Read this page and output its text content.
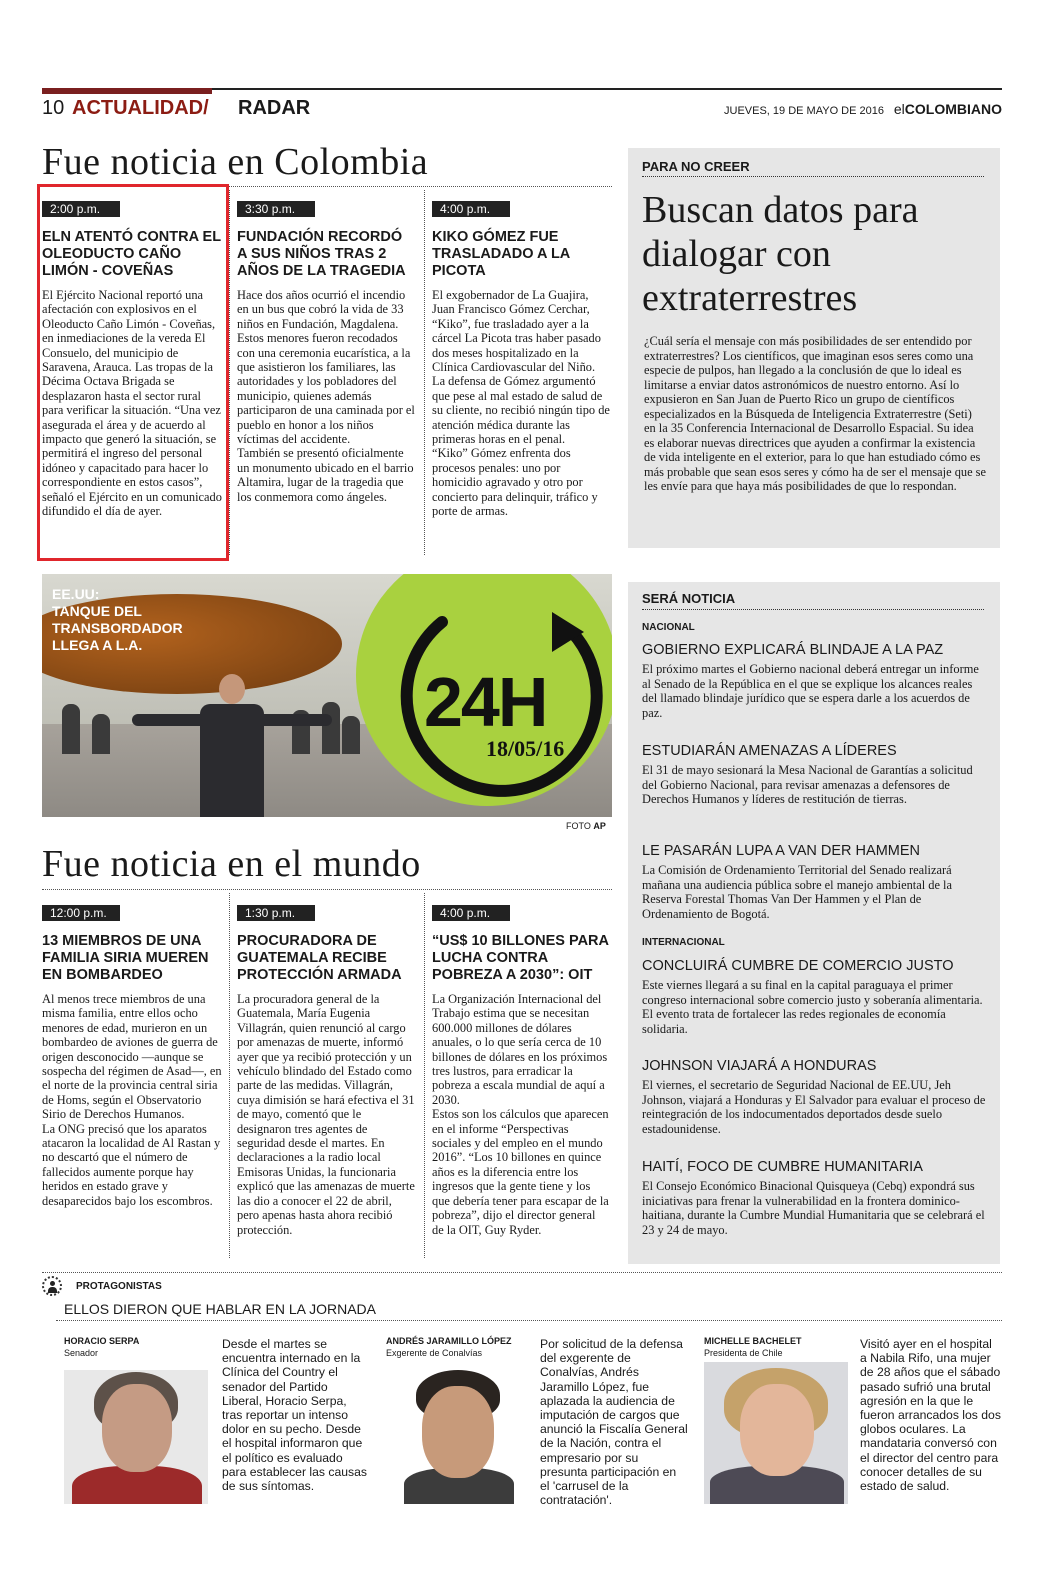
10 ACTUALIDAD/ RADAR	JUEVES, 19 DE MAYO DE 2016 elCOLOMBIANO
Fue noticia en Colombia
2:00 p.m.
ELN ATENTÓ CONTRA EL OLEODUCTO CAÑO LIMÓN - COVEÑAS
El Ejército Nacional reportó una afectación con explosivos en el Oleoducto Caño Limón - Coveñas, en inmediaciones de la vereda El Consuelo, del municipio de Saravena, Arauca. Las tropas de la Décima Octava Brigada se desplazaron hasta el sector rural para verificar la situación. “Una vez asegurada el área y de acuerdo al impacto que generó la situación, se permitirá el ingreso del personal idóneo y capacitado para hacer lo correspondiente en estos casos”, señaló el Ejército en un comunicado difundido el día de ayer.
3:30 p.m.
FUNDACIÓN RECORDÓ A SUS NIÑOS TRAS 2 AÑOS DE LA TRAGEDIA
Hace dos años ocurrió el incendio en un bus que cobró la vida de 33 niños en Fundación, Magdalena. Estos menores fueron recodados con una ceremonia eucarística, a la que asistieron los familiares, las autoridades y los pobladores del municipio, quienes además participaron de una caminada por el pueblo en honor a los niños víctimas del accidente.
También se presentó oficialmente un monumento ubicado en el barrio Altamira, lugar de la tragedia que los conmemora como ángeles.
4:00 p.m.
KIKO GÓMEZ FUE TRASLADADO A LA PICOTA
El exgobernador de La Guajira, Juan Francisco Gómez Cerchar, “Kiko”, fue trasladado ayer a la cárcel La Picota tras haber pasado dos meses hospitalizado en la Clínica Cardiovascular del Niño.
La defensa de Gómez argumentó que pese al mal estado de salud de su cliente, no recibió ningún tipo de atención médica durante las primeras horas en el penal.
“Kiko” Gómez enfrenta dos procesos penales: uno por homicidio agravado y otro por concierto para delinquir, tráfico y porte de armas.
PARA NO CREER
Buscan datos para dialogar con extraterrestres
¿Cuál sería el mensaje con más posibilidades de ser entendido por extraterrestres? Los científicos, que imaginan esos seres como una especie de pulpos, han llegado a la conclusión de que lo ideal es limitarse a enviar datos astronómicos de nuestro entorno. Así lo expusieron en San Juan de Puerto Rico un grupo de científicos especializados en la Búsqueda de Inteligencia Extraterrestre (Seti) en la 35 Conferencia Internacional de Desarrollo Espacial. Su idea es elaborar nuevas directrices que ayuden a confirmar la existencia de vida inteligente en el exterior, para lo que han estudiado cómo es más probable que sean esos seres y cómo ha de ser el mensaje que se les envíe para que haya más posibilidades de que lo respondan.
EE.UU:
TANQUE DEL
TRANSBORDADOR
LLEGA A L.A.
24H
18/05/16
FOTO AP
SERÁ NOTICIA
NACIONAL
GOBIERNO EXPLICARÁ BLINDAJE A LA PAZ
El próximo martes el Gobierno nacional deberá entregar un informe al Senado de la República en el que se explique los alcances reales del llamado blindaje jurídico que se espera darle a los acuerdos de paz.
ESTUDIARÁN AMENAZAS A LÍDERES
El 31 de mayo sesionará la Mesa Nacional de Garantías a solicitud del Gobierno Nacional, para revisar amenazas a defensores de Derechos Humanos y líderes de restitución de tierras.
LE PASARÁN LUPA A VAN DER HAMMEN
La Comisión de Ordenamiento Territorial del Senado realizará mañana una audiencia pública sobre el manejo ambiental de la Reserva Forestal Thomas Van Der Hammen y el Plan de Ordenamiento de Bogotá.
INTERNACIONAL
CONCLUIRÁ CUMBRE DE COMERCIO JUSTO
Este viernes llegará a su final en la capital paraguaya el primer congreso internacional sobre comercio justo y soberanía alimentaria. El evento trata de fortalecer las redes regionales de economía solidaria.
JOHNSON VIAJARÁ A HONDURAS
El viernes, el secretario de Seguridad Nacional de EE.UU, Jeh Johnson, viajará a Honduras y El Salvador para evaluar el proceso de reintegración de los indocumentados deportados desde suelo estadounidense.
HAITÍ, FOCO DE CUMBRE HUMANITARIA
El Consejo Económico Binacional Quisqueya (Cebq) expondrá sus iniciativas para frenar la vulnerabilidad en la frontera dominico-haitiana, durante la Cumbre Mundial Humanitaria que se celebrará el 23 y 24 de mayo.
Fue noticia en el mundo
12:00 p.m.
13 MIEMBROS DE UNA FAMILIA SIRIA MUEREN EN BOMBARDEO
Al menos trece miembros de una misma familia, entre ellos ocho menores de edad, murieron en un bombardeo de aviones de guerra de origen desconocido —aunque se sospecha del régimen de Asad—, en el norte de la provincia central siria de Homs, según el Observatorio Sirio de Derechos Humanos.
La ONG precisó que los aparatos atacaron la localidad de Al Rastan y no descartó que el número de fallecidos aumente porque hay heridos en estado grave y desaparecidos bajo los escombros.
1:30 p.m.
PROCURADORA DE GUATEMALA RECIBE PROTECCIÓN ARMADA
La procuradora general de la Guatemala, María Eugenia Villagrán, quien renunció al cargo por amenazas de muerte, informó ayer que ya recibió protección y un vehículo blindado del Estado como parte de las medidas. Villagrán, cuya dimisión se hará efectiva el 31 de mayo, comentó que le designaron tres agentes de seguridad desde el martes. En declaraciones a la radio local Emisoras Unidas, la funcionaria explicó que las amenazas de muerte las dio a conocer el 22 de abril, pero apenas hasta ahora recibió protección.
4:00 p.m.
“US$ 10 BILLONES PARA LUCHA CONTRA POBREZA A 2030”: OIT
La Organización Internacional del Trabajo estima que se necesitan 600.000 millones de dólares anuales, o lo que sería cerca de 10 billones de dólares en los próximos tres lustros, para erradicar la pobreza a escala mundial de aquí a 2030.
Estos son los cálculos que aparecen en el informe “Perspectivas sociales y del empleo en el mundo 2016”. “Los 10 billones en quince años es la diferencia entre los ingresos que la gente tiene y los que debería tener para escapar de la pobreza”, dijo el director general de la OIT, Guy Ryder.
PROTAGONISTAS
ELLOS DIERON QUE HABLAR EN LA JORNADA
HORACIO SERPA
Senador
Desde el martes se encuentra internado en la Clínica del Country el senador del Partido Liberal, Horacio Serpa, tras reportar un intenso dolor en su pecho. Desde el hospital informaron que el político es evaluado para establecer las causas de sus síntomas.
ANDRÉS JARAMILLO LÓPEZ
Exgerente de Conalvías
Por solicitud de la defensa del exgerente de Conalvías, Andrés Jaramillo López, fue aplazada la audiencia de imputación de cargos que anunció la Fiscalía General de la Nación, contra el empresario por su presunta participación en el 'carrusel de la contratación'.
MICHELLE BACHELET
Presidenta de Chile
Visitó ayer en el hospital a Nabila Rifo, una mujer de 28 años que el sábado pasado sufrió una brutal agresión en la que le fueron arrancados los dos globos oculares. La mandataria conversó con el director del centro para conocer detalles de su estado de salud.
